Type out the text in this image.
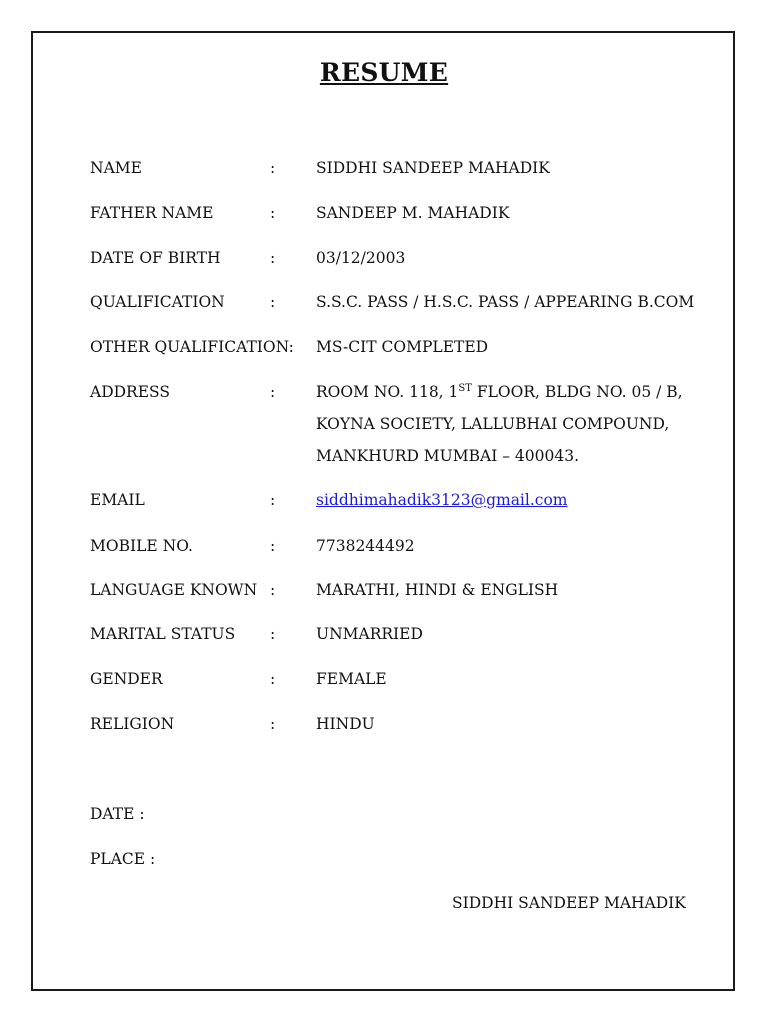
RESUME
NAME	:	SIDDHI SANDEEP MAHADIK
FATHER NAME	:	SANDEEP M. MAHADIK
DATE OF BIRTH	:	03/12/2003
QUALIFICATION	:	S.S.C. PASS / H.S.C. PASS / APPEARING B.COM
OTHER QUALIFICATION: MS-CIT COMPLETED
ADDRESS	:	ROOM NO. 118, 1ST FLOOR, BLDG NO. 05 / B,
KOYNA SOCIETY, LALLUBHAI COMPOUND,
MANKHURD MUMBAI – 400043.
EMAIL	:	siddhimahadik3123@gmail.com
MOBILE NO.	:	7738244492
LANGUAGE KNOWN :	MARATHI, HINDI & ENGLISH
MARITAL STATUS :	UNMARRIED
GENDER	:	FEMALE
RELIGION	:	HINDU
DATE :
PLACE :
SIDDHI SANDEEP MAHADIK
